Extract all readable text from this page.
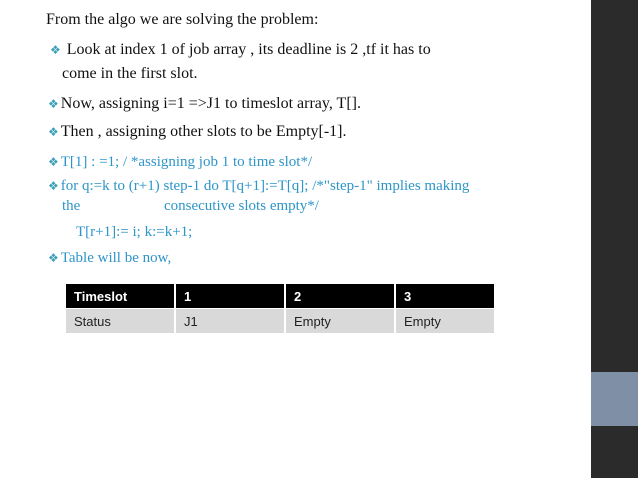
From the algo we are solving the problem:
❖ Look at index 1 of job array , its deadline is 2 ,tf it has to
come in the first slot.
❖ Now, assigning i=1 =>J1 to timeslot array, T[].
❖ Then , assigning other slots to be Empty[-1].
❖ T[1] : =1; / *assigning job 1 to time slot*/
❖ for q:=k to (r+1) step-1 do T[q+1]:=T[q]; /*"step-1" implies making
the	consecutive slots empty*/
T[r+1]:= i; k:=k+1;
❖ Table will be now,
Timeslot	1	2	3
Status	J1	Empty	Empty
